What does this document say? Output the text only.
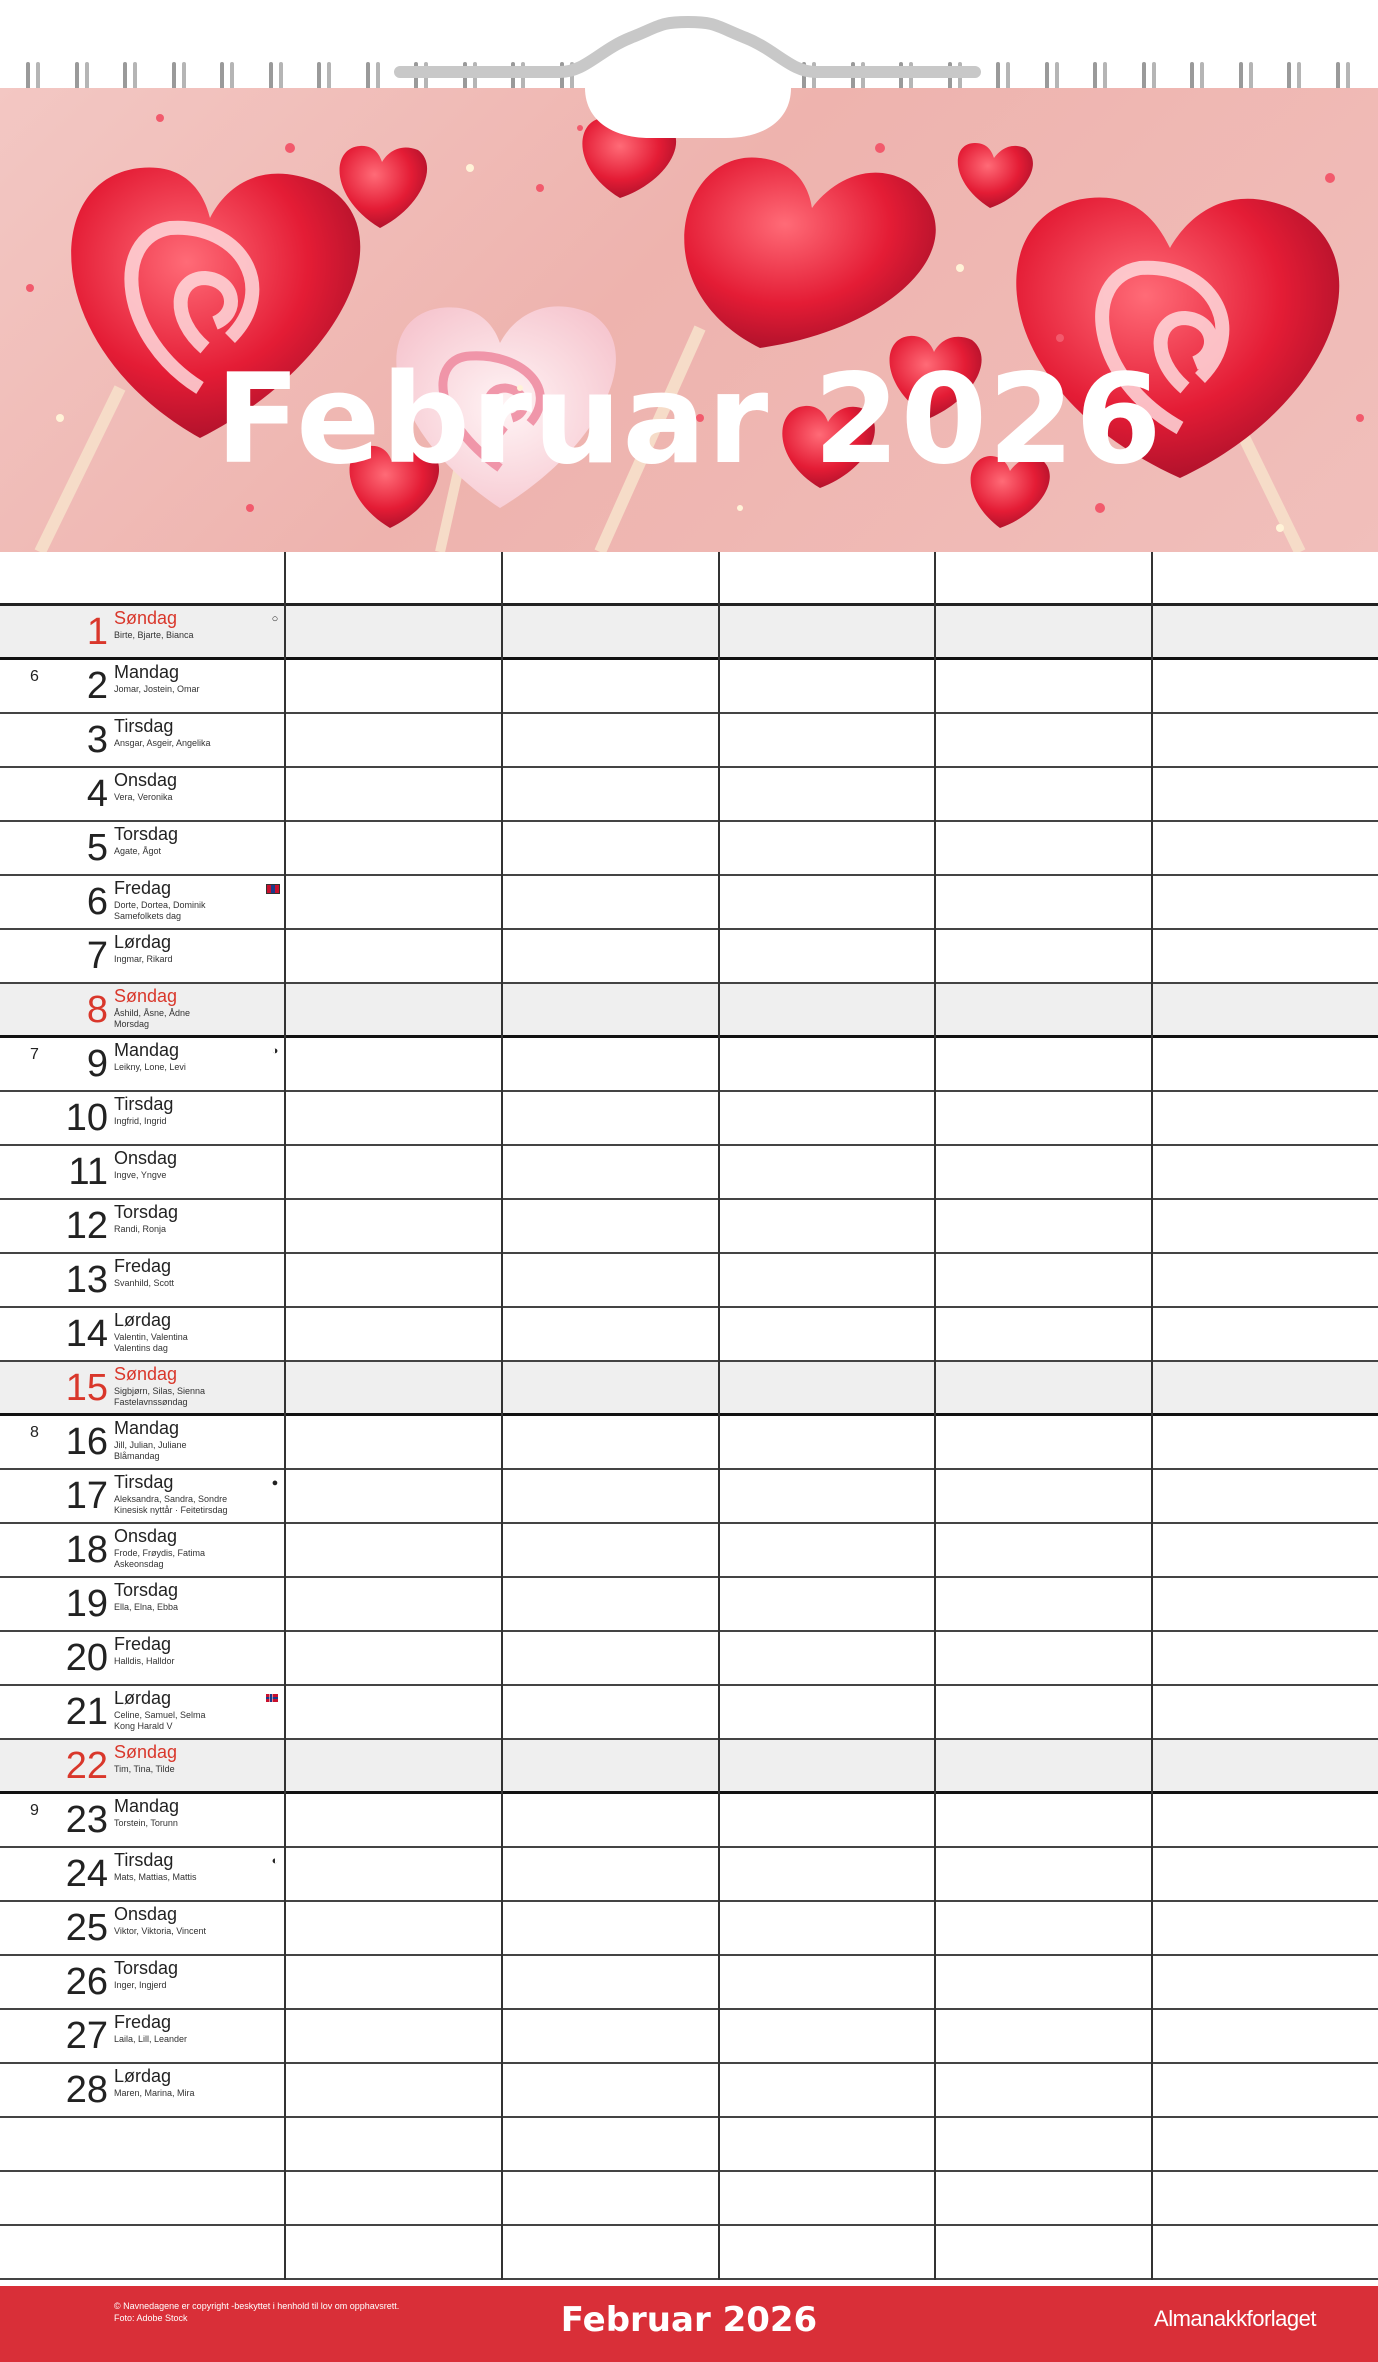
Februar 2026
1 Søndag
Birte, Bjarte, Bianca
○
6	2 Mandag
Jomar, Jostein, Omar
3 Tirsdag
Ansgar, Asgeir, Angelika
4 Onsdag
Vera, Veronika
5 Torsdag
Agate, Ågot
6 Fredag
Dorte, Dortea, Dominik
Samefolkets dag
7 Lørdag
Ingmar, Rikard
8 Søndag
Åshild, Åsne, Ådne
Morsdag
7	9 Mandag
Leikny, Lone, Levi
◑
10 Tirsdag
Ingfrid, Ingrid
11 Onsdag
Ingve, Yngve
12 Torsdag
Randi, Ronja
13 Fredag
Svanhild, Scott
14 Lørdag
Valentin, Valentina
Valentins dag
15 Søndag
Sigbjørn, Silas, Sienna
Fastelavnssøndag
8 16 Mandag
Jill, Julian, Juliane
Blåmandag
17 Tirsdag
Aleksandra, Sandra, Sondre
Kinesisk nyttår · Feitetirsdag
●
18 Onsdag
Frode, Frøydis, Fatima
Askeonsdag
19 Torsdag
Ella, Elna, Ebba
20 Fredag
Halldis, Halldor
21 Lørdag
Celine, Samuel, Selma
Kong Harald V
22 Søndag
Tim, Tina, Tilde
9 23 Mandag
Torstein, Torunn
24 Tirsdag
Mats, Mattias, Mattis
◐
25 Onsdag
Viktor, Viktoria, Vincent
26 Torsdag
Inger, Ingjerd
27 Fredag
Laila, Lill, Leander
28 Lørdag
Maren, Marina, Mira
© Navnedagene er copyright -beskyttet i henhold til lov om opphavsrett.
Foto: Adobe Stock	Februar 2026	Almanakkforlaget
